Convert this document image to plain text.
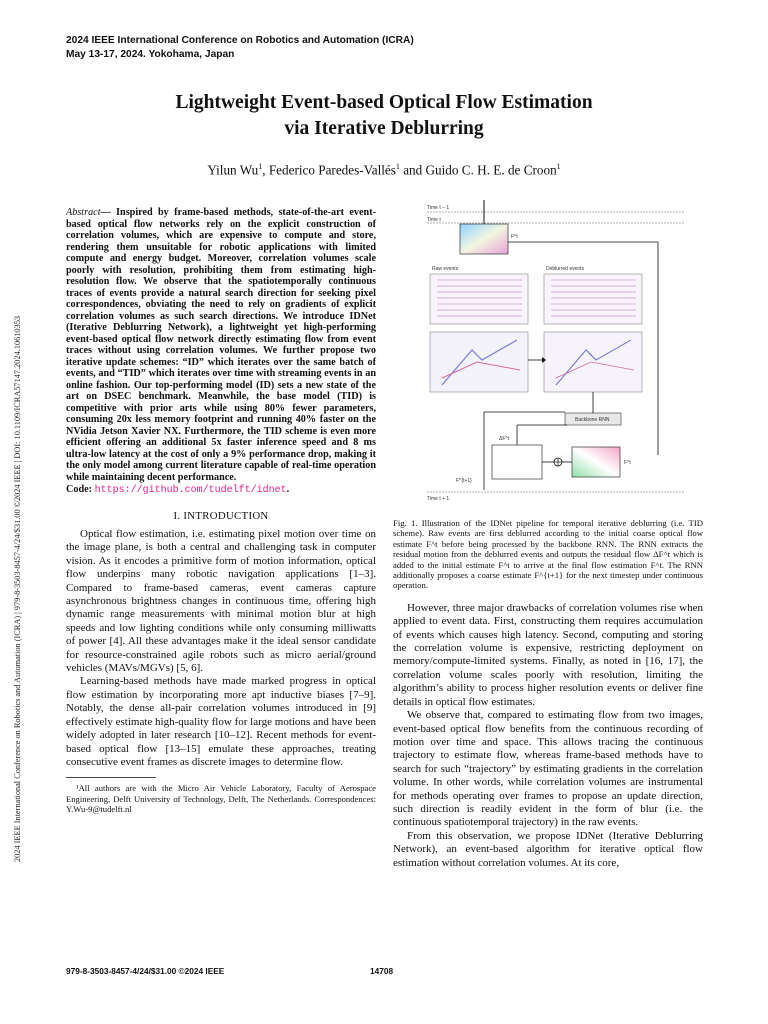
2024 IEEE International Conference on Robotics and Automation (ICRA)
May 13-17, 2024. Yokohama, Japan
2024 IEEE International Conference on Robotics and Automation (ICRA) | 979-8-3503-8457-4/24/$31.00 ©2024 IEEE | DOI: 10.1109/ICRA57147.2024.10610353
Lightweight Event-based Optical Flow Estimation
via Iterative Deblurring
Yilun Wu$^1$, Federico Paredes-Vallés$^1$ and Guido C. H. E. de Croon$^1$
Abstract— Inspired by frame-based methods, state-of-the-art event-based optical flow networks rely on the explicit construction of correlation volumes, which are expensive to compute and store, rendering them unsuitable for robotic applications with limited compute and energy budget. Moreover, correlation volumes scale poorly with resolution, prohibiting them from estimating high-resolution flow. We observe that the spatiotemporally continuous traces of events provide a natural search direction for seeking pixel correspondences, obviating the need to rely on gradients of explicit correlation volumes as such search directions. We introduce IDNet (Iterative Deblurring Network), a lightweight yet high-performing event-based optical flow network directly estimating flow from event traces without using correlation volumes. We further propose two iterative update schemes: “ID” which iterates over the same batch of events, and “TID” which iterates over time with streaming events in an online fashion. Our top-performing model (ID) sets a new state of the art on DSEC benchmark. Meanwhile, the base model (TID) is competitive with prior arts while using 80% fewer parameters, consuming 20x less memory footprint and running 40% faster on the NVidia Jetson Xavier NX. Furthermore, the TID scheme is even more efficient offering an additional 5x faster inference speed and 8 ms ultra-low latency at the cost of only a 9% performance drop, making it the only model among current literature capable of real-time operation while maintaining decent performance.
Code: https://github.com/tudelft/idnet.
I. INTRODUCTION

Optical flow estimation, i.e. estimating pixel motion over time on the image plane, is both a central and challenging task in computer vision. As it encodes a primitive form of motion information, optical flow underpins many robotic navigation applications [1–3]. Compared to frame-based cameras, event cameras capture asynchronous brightness changes in continuous time, offering high dynamic range measurements with minimal motion blur at high speeds and low lighting conditions while only consuming milliwatts of power [4]. All these advantages make it the ideal sensor candidate for resource-constrained agile robots such as micro aerial/ground vehicles (MAVs/MGVs) [5, 6].

Learning-based methods have made marked progress in optical flow estimation by incorporating more apt inductive biases [7–9]. Notably, the dense all-pair correlation volumes introduced in [9] effectively estimate high-quality flow for large motions and have been widely adopted in later research [10–12]. Recent methods for event-based optical flow [13–15] emulate these approaches, treating consecutive event frames as discrete images to determine flow.

¹All authors are with the Micro Air Vehicle Laboratory, Faculty of Aerospace Engineering, Delft University of Technology, Delft, The Netherlands. Correspondences: Y.Wu-9@tudelft.nl
Time t − 1
Time t
F^t
Raw events	Deblurred events
Backbone RNN
ΔF^t
F^t
F^{t+1}
Time t + 1
Fig. 1. Illustration of the IDNet pipeline for temporal iterative deblurring (i.e. TID scheme). Raw events are first deblurred according to the initial coarse optical flow estimate F^t before being processed by the backbone RNN. The RNN extracts the residual motion from the deblurred events and outputs the residual flow ΔF^t which is added to the initial estimate F^t to arrive at the final flow estimation F^t. The RNN additionally proposes a coarse estimate F^{t+1} for the next timestep under continuous operation.

However, three major drawbacks of correlation volumes rise when applied to event data. First, constructing them requires accumulation of events which causes high latency. Second, computing and storing the correlation volume is expensive, restricting deployment on memory/compute-limited systems. Finally, as noted in [16, 17], the correlation volume scales poorly with resolution, limiting the algorithm’s ability to process higher resolution events or deliver fine details in optical flow estimates.

We observe that, compared to estimating flow from two images, event-based optical flow benefits from the continuous recording of motion over time and space. This allows tracing the continuous trajectory to estimate flow, whereas frame-based methods have to search for such “trajectory” by estimating gradients in the correlation volume. In other words, while correlation volumes are instrumental for methods operating over frames to propose an update direction, such direction is readily evident in the form of blur (i.e. the continuous spatiotemporal trajectory) in the raw events.

From this observation, we propose IDNet (Iterative Deblurring Network), an event-based algorithm for iterative optical flow estimation without correlation volumes. At its core,

979-8-3503-8457-4/24/$31.00 ©2024 IEEE	14708
